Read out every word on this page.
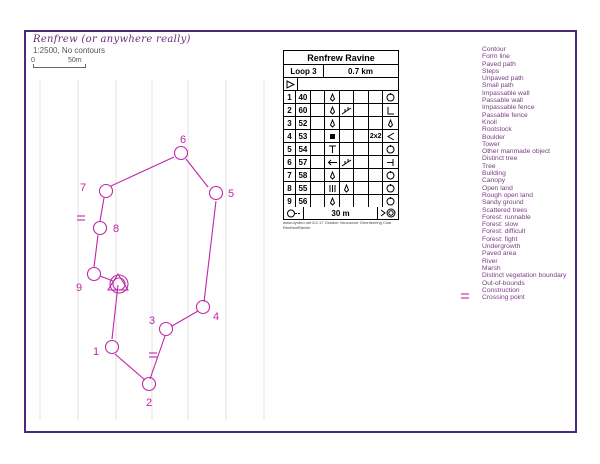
Renfrew (or anywhere really)
1:2500, No contours
0	50m
6
5
7
8
9
4
3
1
2
Renfrew Ravine
Loop 3	0.7 km
1 40
2 60
3 52
4 53	2x2
5 54
6 57
7 58
8 55
9 56
30 m
www.oyoteo.net 8.2.17 October Vancouver Orienteering Club
RenfrewRavine
Contour
Form line
Paved path
Steps
Unpaved path
Small path
Impassable wall
Passable wall
Impassable fence
Passable fence
Knoll
Rootstock
Boulder
Tower
Other manmade object
Distinct tree
Tree
Building
Canopy
Open land
Rough open land
Sandy ground
Scattered trees
Forest: runnable
Forest: slow
Forest: difficult
Forest: fight
Undergrowth
Paved area
River
Marsh
Distinct vegetation boundary
Out-of-bounds
Construction
Crossing point
